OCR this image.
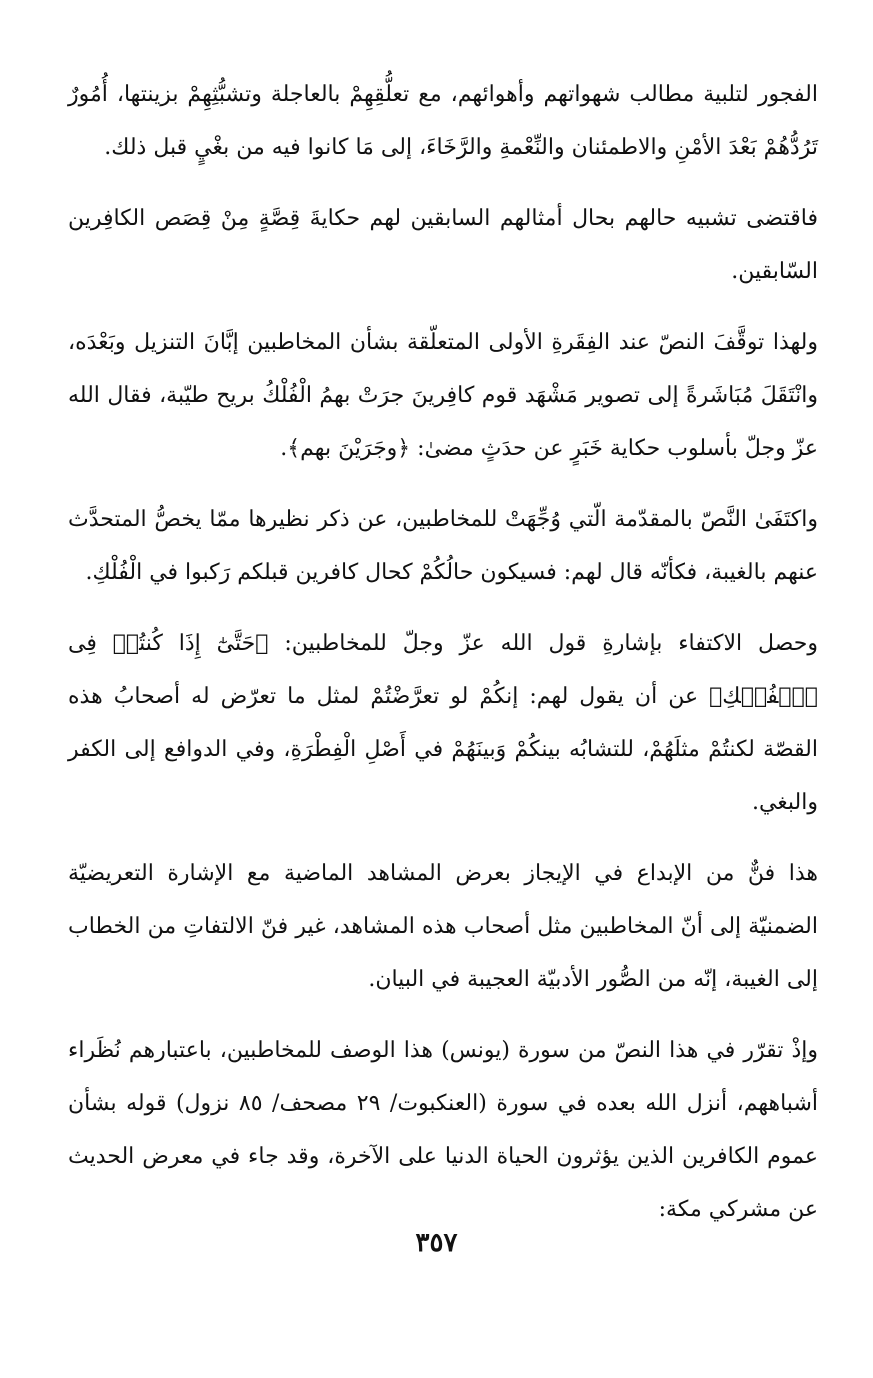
الفجور لتلبية مطالب شهواتهم وأهوائهم، مع تعلُّقِهِمْ بالعاجلة وتشبُّثِهِمْ بزينتها، أُمُورٌ تَرُدُّهُمْ بَعْدَ الأمْنِ والاطمئنان والنِّعْمةِ والرَّخَاءَ، إلى مَا كانوا فيه من بغْيٍ قبل ذلك.

فاقتضى تشبيه حالهم بحال أمثالهم السابقين لهم حكايةَ قِصَّةٍ مِنْ قِصَص الكافِرين السّابقين.

ولهذا توقَّفَ النصّ عند الفِقَرةِ الأولى المتعلّقة بشأن المخاطبين إبَّانَ التنزيل وبَعْدَه، وانْتَقَلَ مُبَاشَرةً إلى تصوير مَشْهَد قوم كافِرينَ جرَتْ بهمُ الْفُلْكُ بريح طيّبة، فقال الله عزّ وجلّ بأسلوب حكاية خَبَرٍ عن حدَثٍ مضىٰ: ﴿وجَرَيْنَ بهم﴾.

واكتَفَىٰ النَّصّ بالمقدّمة الّتي وُجِّهَتْ للمخاطبين، عن ذكر نظيرها ممّا يخصُّ المتحدَّث عنهم بالغيبة، فكأنّه قال لهم: فسيكون حالُكُمْ كحال كافرين قبلكم رَكبوا في الْفُلْكِ.

وحصل الاكتفاء بإشارةِ قول الله عزّ وجلّ للمخاطبين: ﴿حَتَّىٰٓ إِذَا كُنتُمۡ فِى ٱلۡفُلۡكِ﴾ عن أن يقول لهم: إنكُمْ لو تعرَّضْتُمْ لمثل ما تعرّض له أصحابُ هذه القصّة لكنتُمْ مثلَهُمْ، للتشابُه بينكُمْ وَبينَهُمْ في أَصْلِ الْفِطْرَةِ، وفي الدوافع إلى الكفر والبغي.

هذا فنٌّ من الإبداع في الإيجاز بعرض المشاهد الماضية مع الإشارة التعريضيّة الضمنيّة إلى أنّ المخاطبين مثل أصحاب هذه المشاهد، غير فنّ الالتفاتِ من الخطاب إلى الغيبة، إنّه من الصُّور الأدبيّة العجيبة في البيان.

وإذْ تقرّر في هذا النصّ من سورة (يونس) هذا الوصف للمخاطبين، باعتبارهم نُظَراء أشباههم، أنزل الله بعده في سورة (العنكبوت/ ٢٩ مصحف/ ٨٥ نزول) قوله بشأن عموم الكافرين الذين يؤثرون الحياة الدنيا على الآخرة، وقد جاء في معرض الحديث عن مشركي مكة:

٣٥٧
